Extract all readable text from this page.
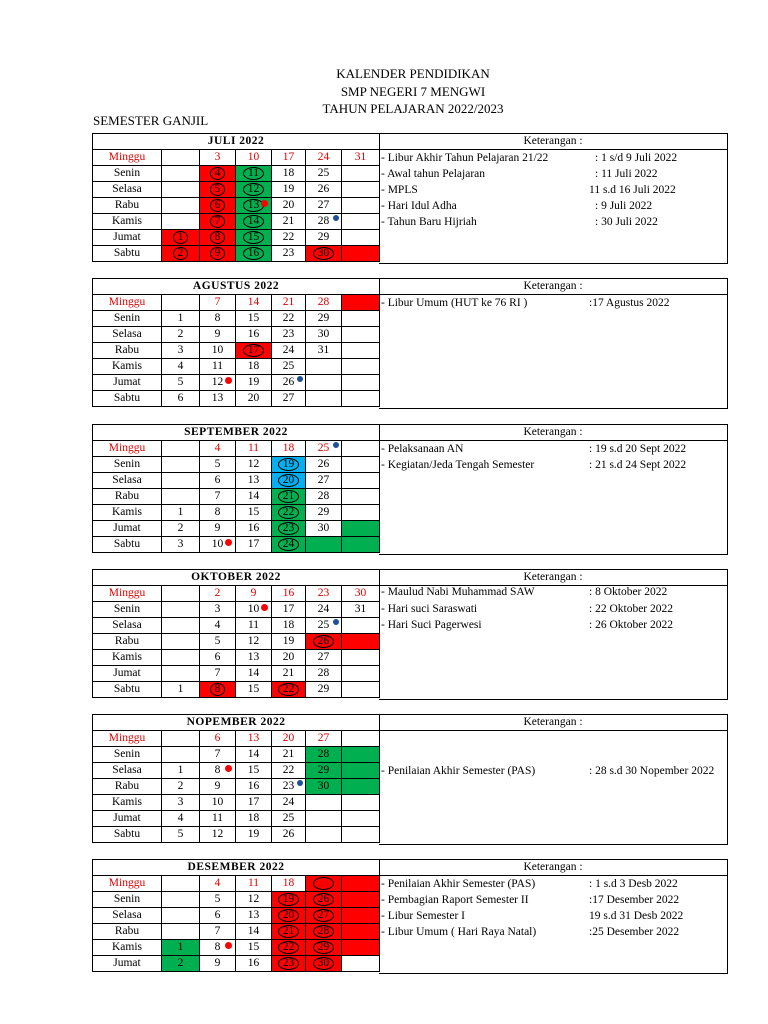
KALENDER PENDIDIKAN
SMP NEGERI 7 MENGWI
TAHUN PELAJARAN 2022/2023
SEMESTER GANJIL
JULI 2022						
Minggu		3	10	17	24	31
Senin		4	11	18	25	
Selasa		5	12	19	26	
Rabu		6	13	20	27	
Kamis		7	14	21	28	
Jumat	1	8	15	22	29	
Sabtu	2	9	16	23	30	
Keterangan :
- Libur Akhir Tahun Pelajaran 21/22	: 1 s/d 9 Juli 2022
- Awal tahun Pelajaran	: 11 Juli 2022
- MPLS	11 s.d 16 Juli 2022
- Hari Idul Adha	: 9 Juli 2022
- Tahun Baru Hijriah	: 30 Juli 2022
AGUSTUS 2022						
Minggu		7	14	21	28	
Senin	1	8	15	22	29	
Selasa	2	9	16	23	30	
Rabu	3	10	17	24	31	
Kamis	4	11	18	25		
Jumat	5	12	19	26		
Sabtu	6	13	20	27		
Keterangan :
- Libur Umum (HUT ke 76 RI )	:17 Agustus 2022
SEPTEMBER 2022						
Minggu		4	11	18	25	
Senin		5	12	19	26	
Selasa		6	13	20	27	
Rabu		7	14	21	28	
Kamis	1	8	15	22	29	
Jumat	2	9	16	23	30	
Sabtu	3	10	17	24		
Keterangan :
- Pelaksanaan AN	: 19 s.d 20 Sept 2022
- Kegiatan/Jeda Tengah Semester	: 21 s.d 24 Sept 2022
OKTOBER 2022						
Minggu		2	9	16	23	30
Senin		3	10	17	24	31
Selasa		4	11	18	25	
Rabu		5	12	19	26	
Kamis		6	13	20	27	
Jumat		7	14	21	28	
Sabtu	1	8	15	22	29	
Keterangan :
- Maulud Nabi Muhammad SAW	: 8 Oktober 2022
- Hari suci Saraswati	: 22 Oktober 2022
- Hari Suci Pagerwesi	: 26 Oktober 2022
NOPEMBER 2022						
Minggu		6	13	20	27	
Senin		7	14	21	28	
Selasa	1	8	15	22	29	
Rabu	2	9	16	23	30	
Kamis	3	10	17	24		
Jumat	4	11	18	25		
Sabtu	5	12	19	26		
Keterangan :
- Penilaian Akhir Semester (PAS)	: 28 s.d 30 Nopember 2022
DESEMBER 2022						
Minggu		4	11	18	25	
Senin		5	12	19	26	
Selasa		6	13	20	27	
Rabu		7	14	21	28	
Kamis	1	8	15	22	29	
Jumat	2	9	16	23	30	
Keterangan :
- Penilaian Akhir Semester (PAS)	: 1 s.d 3 Desb 2022
- Pembagian Raport Semester II	:17 Desember 2022
- Libur Semester I	19 s.d 31 Desb 2022
- Libur Umum ( Hari Raya Natal)	:25 Desember 2022
